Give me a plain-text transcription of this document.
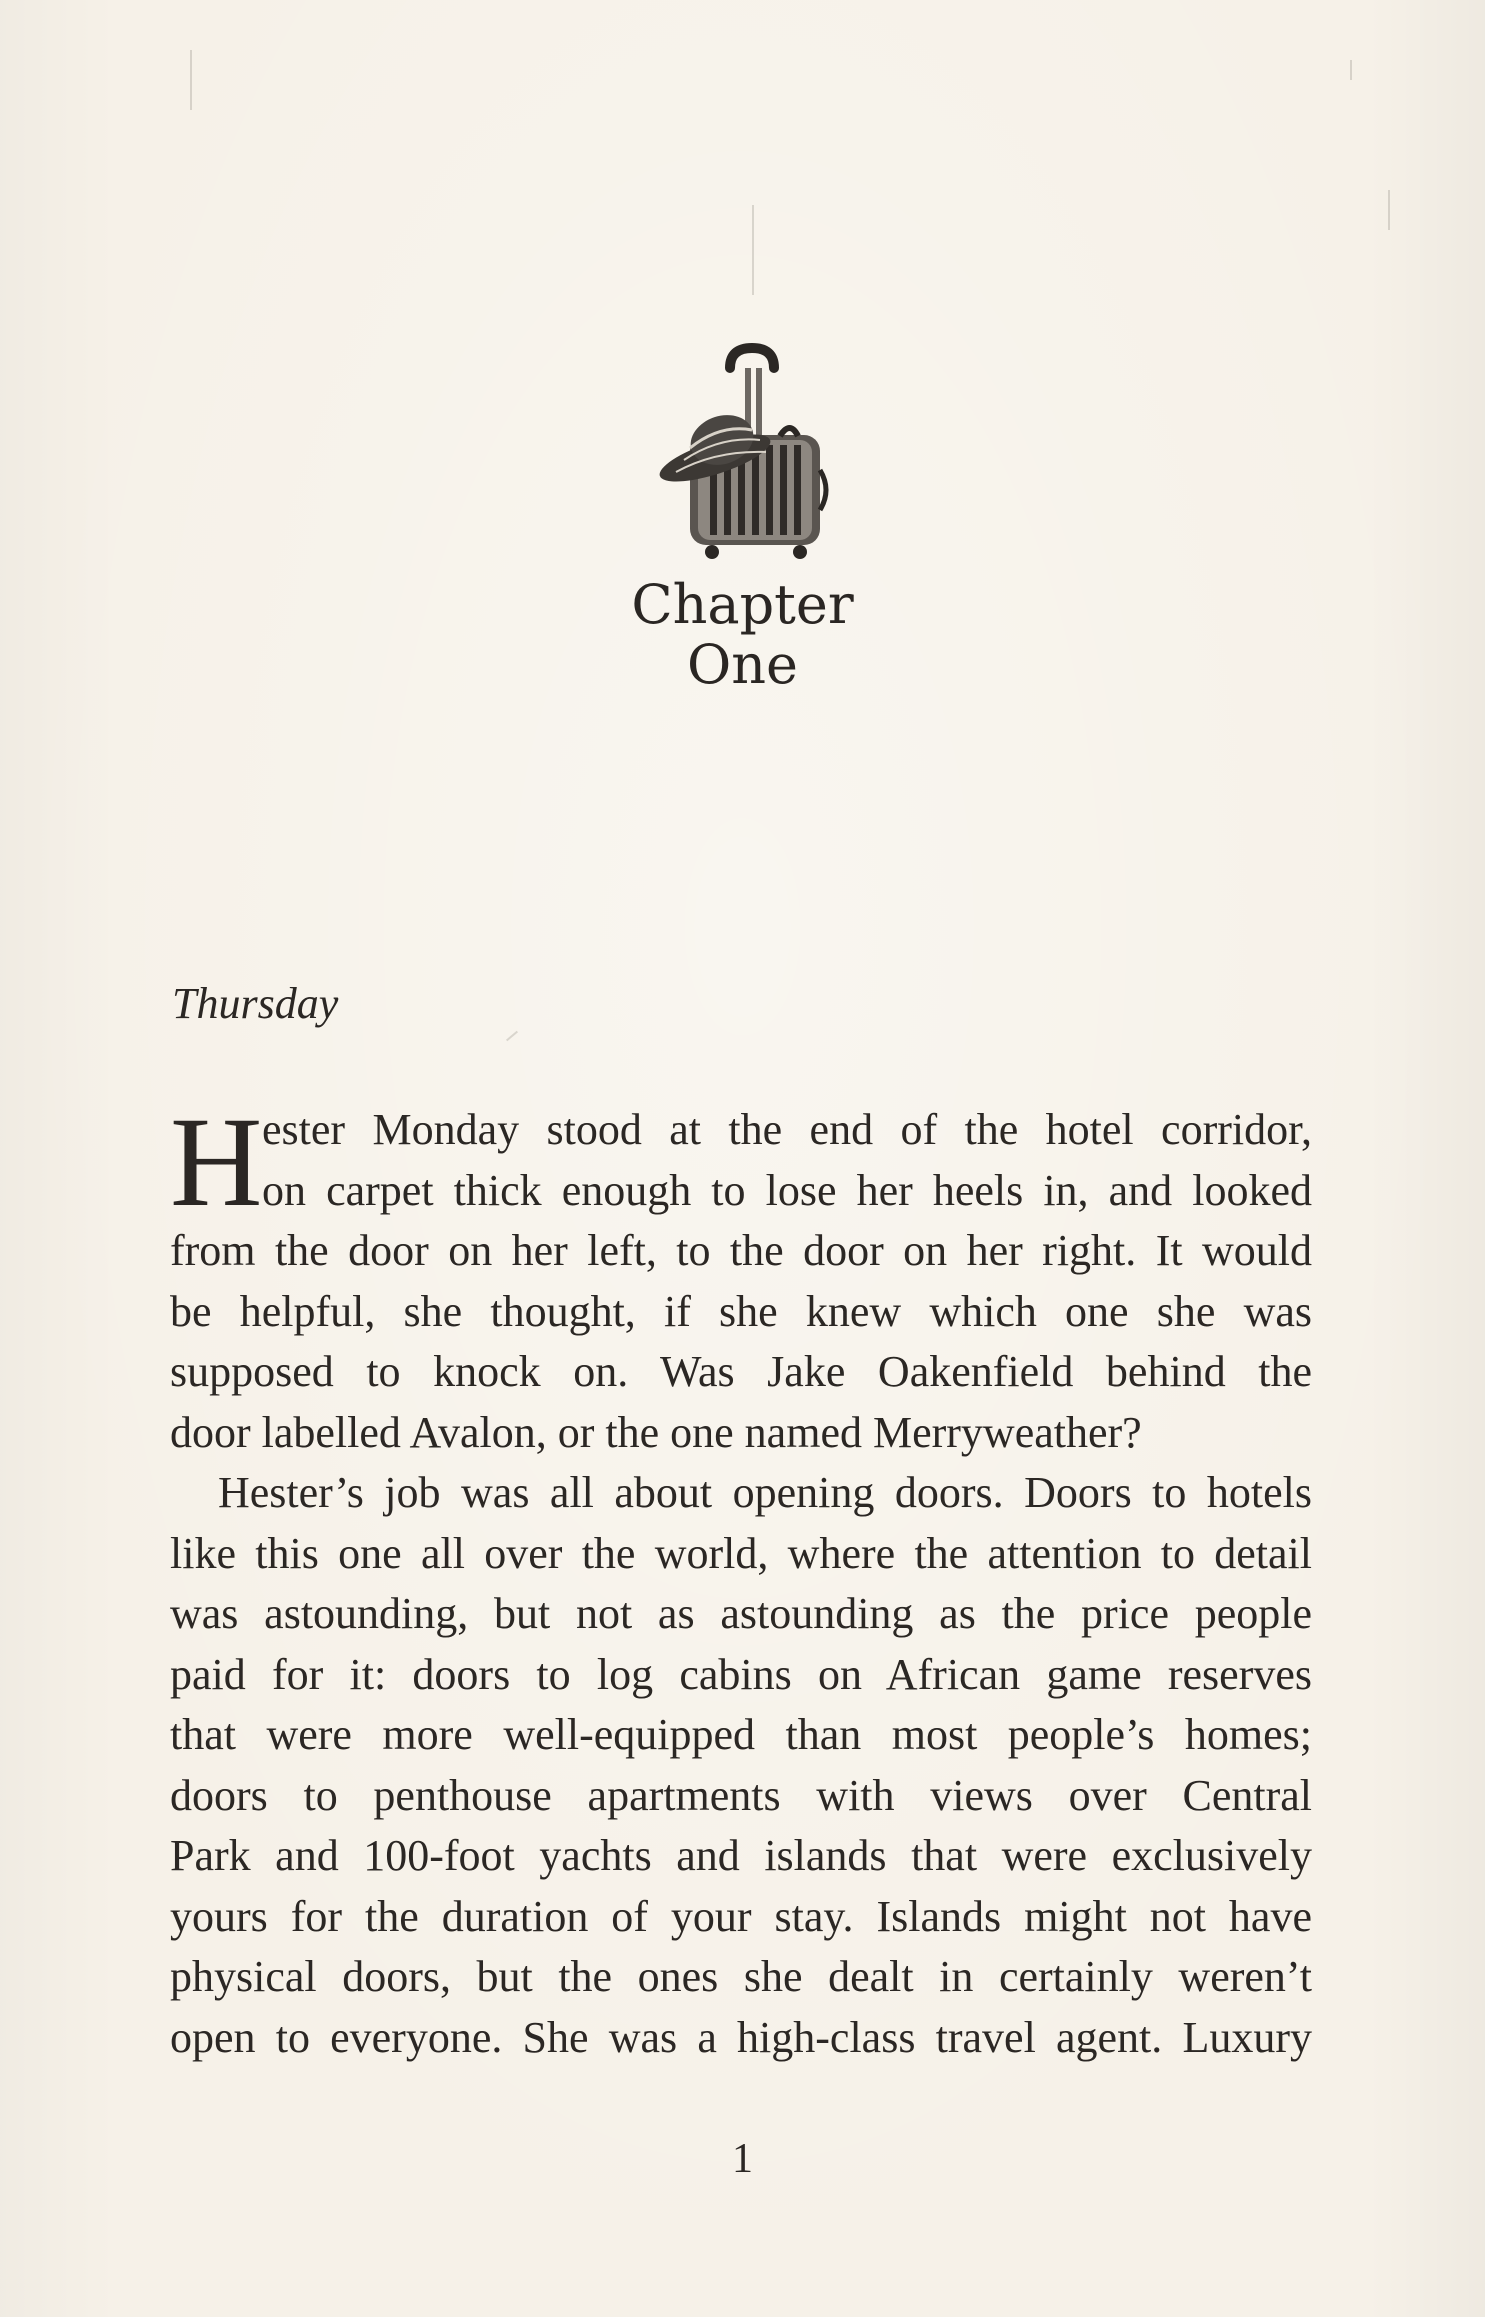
Chapter
One
Thursday
H ester Monday stood at the end of the hotel corridor,
on carpet thick enough to lose her heels in, and looked
from the door on her left, to the door on her right. It would
be helpful, she thought, if she knew which one she was
supposed to knock on. Was Jake Oakenfield behind the
door labelled Avalon, or the one named Merryweather?
Hester’s job was all about opening doors. Doors to hotels
like this one all over the world, where the attention to detail
was astounding, but not as astounding as the price people
paid for it: doors to log cabins on African game reserves
that were more well-equipped than most people’s homes;
doors to penthouse apartments with views over Central
Park and 100-foot yachts and islands that were exclusively
yours for the duration of your stay. Islands might not have
physical doors, but the ones she dealt in certainly weren’t
open to everyone. She was a high-class travel agent. Luxury
1
